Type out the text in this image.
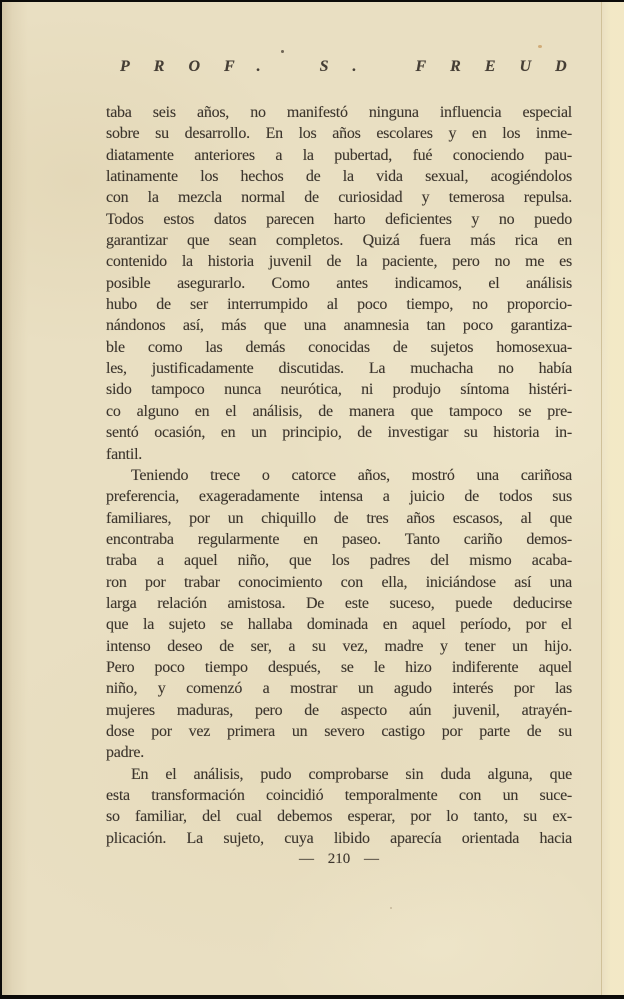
PROF. S. FREUD
taba seis años, no manifestó ninguna influencia especial
sobre su desarrollo. En los años escolares y en los inme-
diatamente anteriores a la pubertad, fué conociendo pau-
latinamente los hechos de la vida sexual, acogiéndolos
con la mezcla normal de curiosidad y temerosa repulsa.
Todos estos datos parecen harto deficientes y no puedo
garantizar que sean completos. Quizá fuera más rica en
contenido la historia juvenil de la paciente, pero no me es
posible asegurarlo. Como antes indicamos, el análisis
hubo de ser interrumpido al poco tiempo, no proporcio-
nándonos así, más que una anamnesia tan poco garantiza-
ble como las demás conocidas de sujetos homosexua-
les, justificadamente discutidas. La muchacha no había
sido tampoco nunca neurótica, ni produjo síntoma histéri-
co alguno en el análisis, de manera que tampoco se pre-
sentó ocasión, en un principio, de investigar su historia in-
fantil.
Teniendo trece o catorce años, mostró una cariñosa
preferencia, exageradamente intensa a juicio de todos sus
familiares, por un chiquillo de tres años escasos, al que
encontraba regularmente en paseo. Tanto cariño demos-
traba a aquel niño, que los padres del mismo acaba-
ron por trabar conocimiento con ella, iniciándose así una
larga relación amistosa. De este suceso, puede deducirse
que la sujeto se hallaba dominada en aquel período, por el
intenso deseo de ser, a su vez, madre y tener un hijo.
Pero poco tiempo después, se le hizo indiferente aquel
niño, y comenzó a mostrar un agudo interés por las
mujeres maduras, pero de aspecto aún juvenil, atrayén-
dose por vez primera un severo castigo por parte de su
padre.
En el análisis, pudo comprobarse sin duda alguna, que
esta transformación coincidió temporalmente con un suce-
so familiar, del cual debemos esperar, por lo tanto, su ex-
plicación. La sujeto, cuya libido aparecía orientada hacia
— 210 —
